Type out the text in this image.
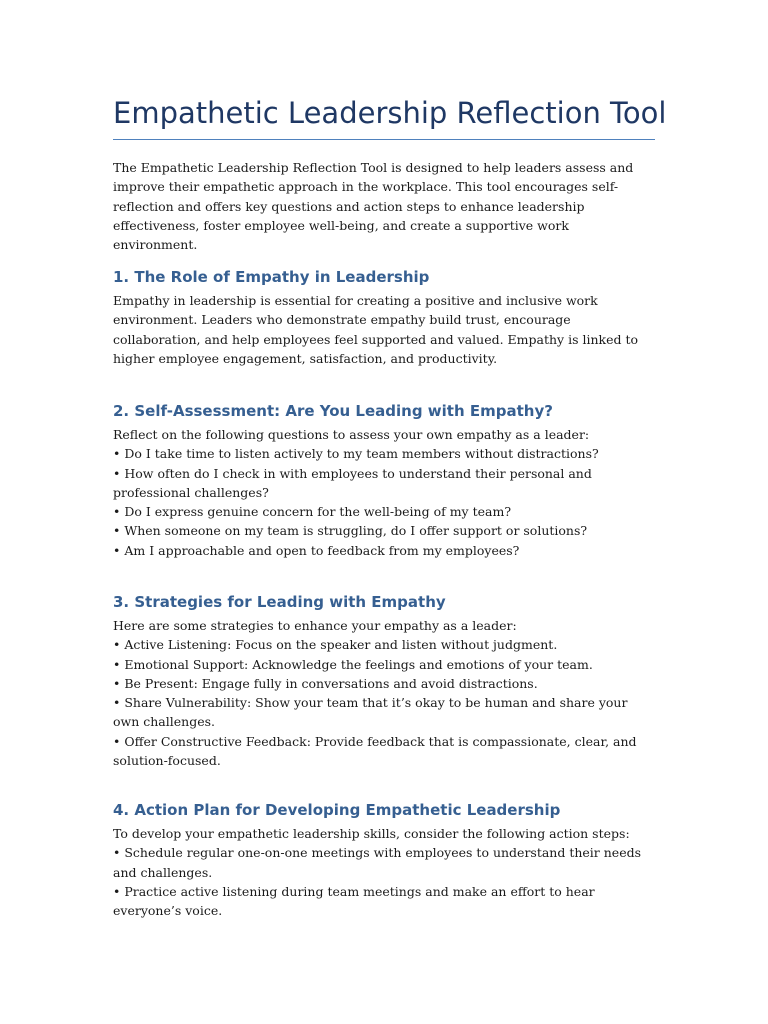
Empathetic Leadership Reflection Tool

The Empathetic Leadership Reflection Tool is designed to help leaders assess and improve their empathetic approach in the workplace. This tool encourages self-reflection and offers key questions and action steps to enhance leadership effectiveness, foster employee well-being, and create a supportive work environment.

1. The Role of Empathy in Leadership

Empathy in leadership is essential for creating a positive and inclusive work environment. Leaders who demonstrate empathy build trust, encourage collaboration, and help employees feel supported and valued. Empathy is linked to higher employee engagement, satisfaction, and productivity.

2. Self-Assessment: Are You Leading with Empathy?
Reflect on the following questions to assess your own empathy as a leader:
• Do I take time to listen actively to my team members without distractions?
• How often do I check in with employees to understand their personal and professional challenges?
• Do I express genuine concern for the well-being of my team?
• When someone on my team is struggling, do I offer support or solutions?
• Am I approachable and open to feedback from my employees?
3. Strategies for Leading with Empathy
Here are some strategies to enhance your empathy as a leader:
• Active Listening: Focus on the speaker and listen without judgment.
• Emotional Support: Acknowledge the feelings and emotions of your team.
• Be Present: Engage fully in conversations and avoid distractions.
• Share Vulnerability: Show your team that it’s okay to be human and share your own challenges.
• Offer Constructive Feedback: Provide feedback that is compassionate, clear, and solution-focused.
4. Action Plan for Developing Empathetic Leadership
To develop your empathetic leadership skills, consider the following action steps:
• Schedule regular one-on-one meetings with employees to understand their needs and challenges.
• Practice active listening during team meetings and make an effort to hear everyone’s voice.
